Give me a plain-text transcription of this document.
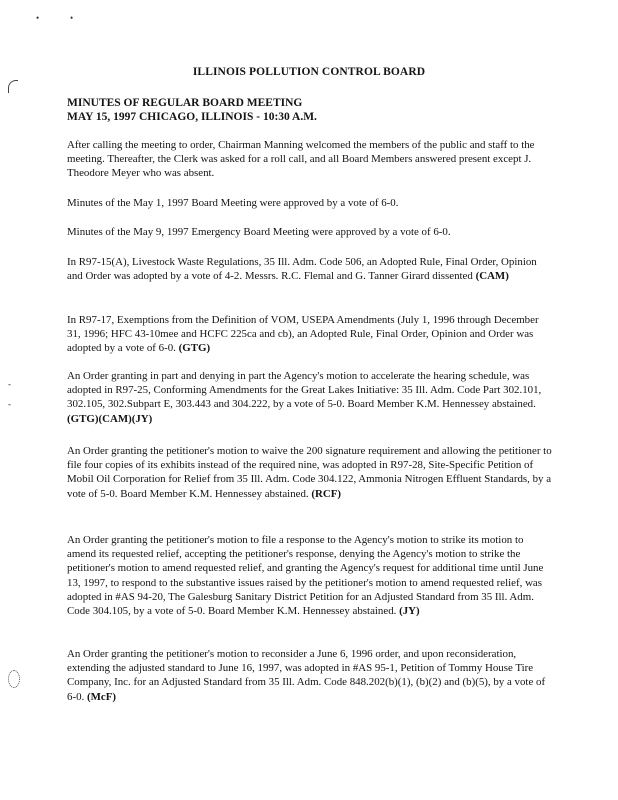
•	•
-
-
ILLINOIS POLLUTION CONTROL BOARD
MINUTES OF REGULAR BOARD MEETING
MAY 15, 1997 CHICAGO, ILLINOIS - 10:30 A.M.
After calling the meeting to order, Chairman Manning welcomed the members of the public and staff to the meeting. Thereafter, the Clerk was asked for a roll call, and all Board Members answered present except J. Theodore Meyer who was absent.
Minutes of the May 1, 1997 Board Meeting were approved by a vote of 6-0.
Minutes of the May 9, 1997 Emergency Board Meeting were approved by a vote of 6-0.
In R97-15(A), Livestock Waste Regulations, 35 Ill. Adm. Code 506, an Adopted Rule, Final Order, Opinion and Order was adopted by a vote of 4-2. Messrs. R.C. Flemal and G. Tanner Girard dissented (CAM)
In R97-17, Exemptions from the Definition of VOM, USEPA Amendments (July 1, 1996 through December 31, 1996; HFC 43-10mee and HCFC 225ca and cb), an Adopted Rule, Final Order, Opinion and Order was adopted by a vote of 6-0. (GTG)
An Order granting in part and denying in part the Agency's motion to accelerate the hearing schedule, was adopted in R97-25, Conforming Amendments for the Great Lakes Initiative: 35 Ill. Adm. Code Part 302.101, 302.105, 302.Subpart E, 303.443 and 304.222, by a vote of 5-0. Board Member K.M. Hennessey abstained. (GTG)(CAM)(JY)
An Order granting the petitioner's motion to waive the 200 signature requirement and allowing the petitioner to file four copies of its exhibits instead of the required nine, was adopted in R97-28, Site-Specific Petition of Mobil Oil Corporation for Relief from 35 Ill. Adm. Code 304.122, Ammonia Nitrogen Effluent Standards, by a vote of 5-0. Board Member K.M. Hennessey abstained. (RCF)
An Order granting the petitioner's motion to file a response to the Agency's motion to strike its motion to amend its requested relief, accepting the petitioner's response, denying the Agency's motion to strike the petitioner's motion to amend requested relief, and granting the Agency's request for additional time until June 13, 1997, to respond to the substantive issues raised by the petitioner's motion to amend requested relief, was adopted in #AS 94-20, The Galesburg Sanitary District Petition for an Adjusted Standard from 35 Ill. Adm. Code 304.105, by a vote of 5-0. Board Member K.M. Hennessey abstained. (JY)
An Order granting the petitioner's motion to reconsider a June 6, 1996 order, and upon reconsideration, extending the adjusted standard to June 16, 1997, was adopted in #AS 95-1, Petition of Tommy House Tire Company, Inc. for an Adjusted Standard from 35 Ill. Adm. Code 848.202(b)(1), (b)(2) and (b)(5), by a vote of 6-0. (McF)
